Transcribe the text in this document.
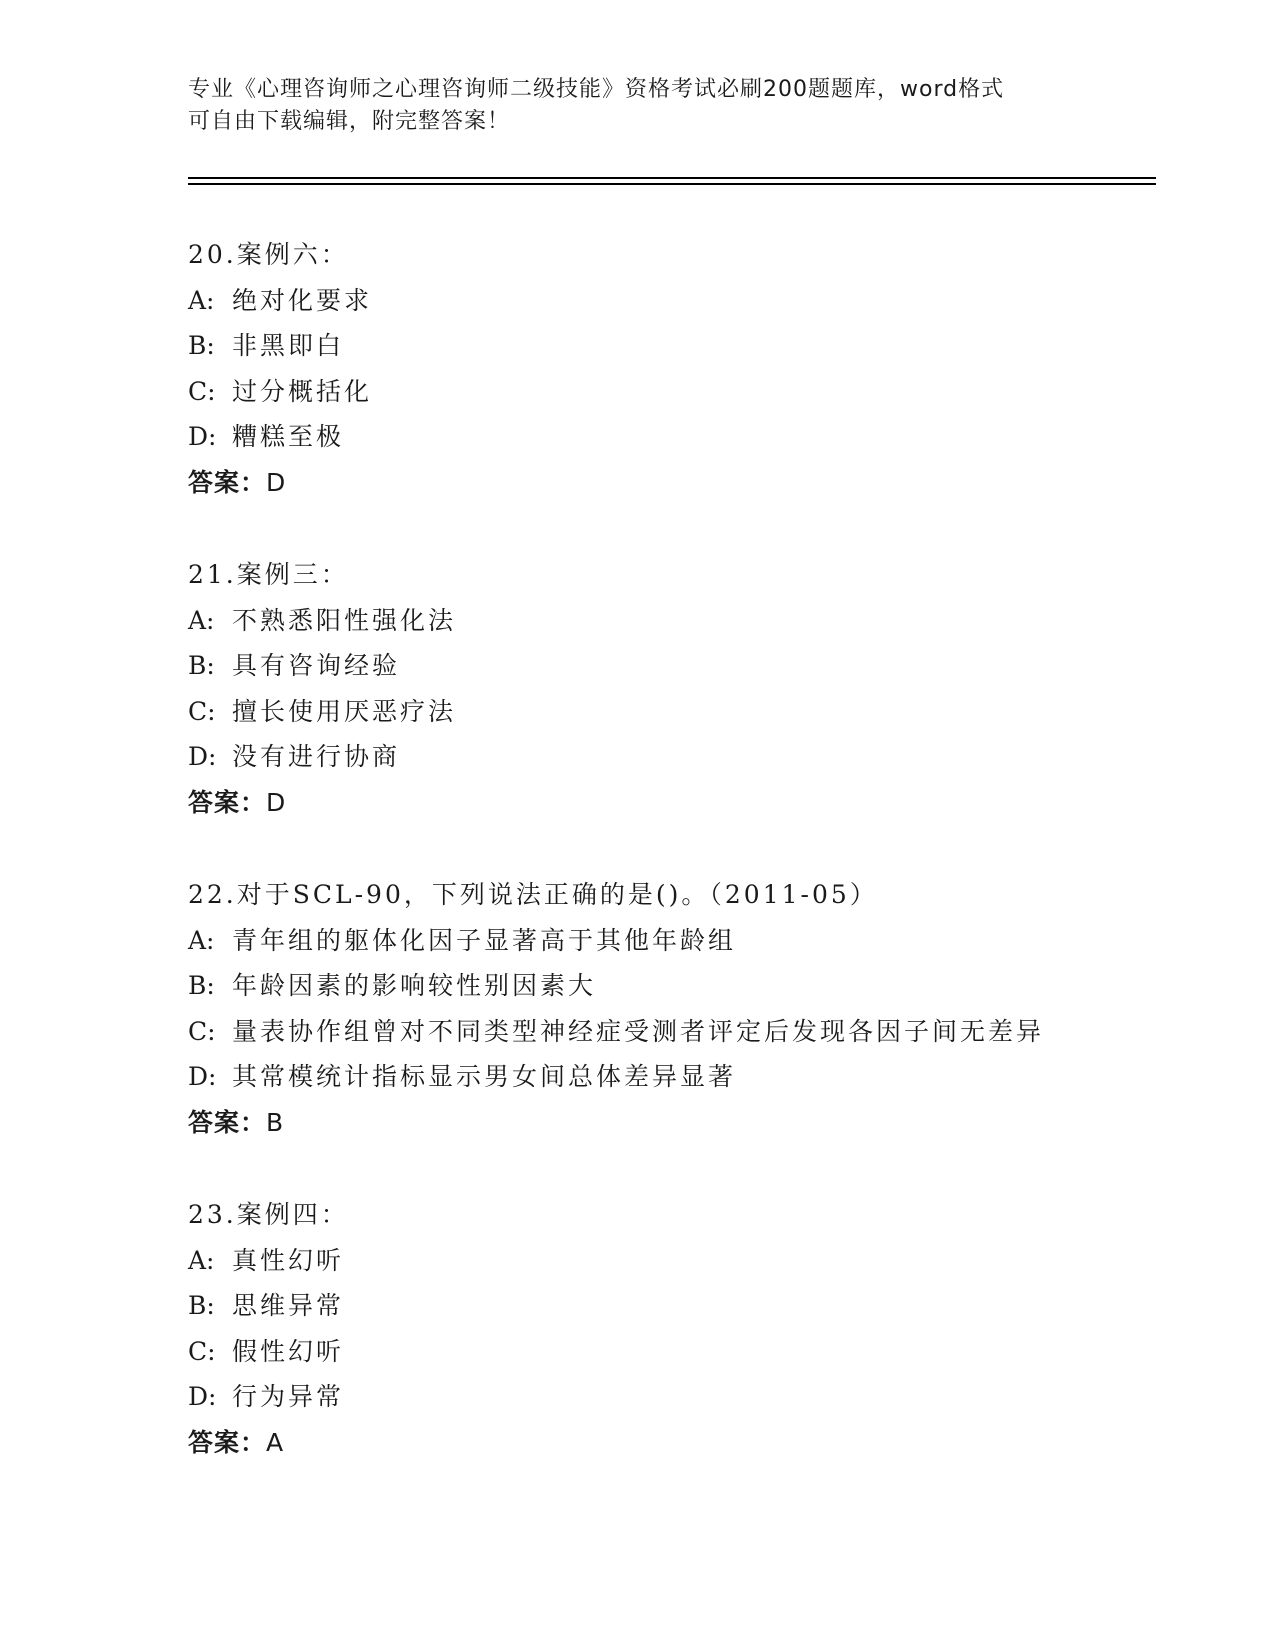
专业《心理咨询师之心理咨询师二级技能》资格考试必刷200题题库，word格式
可自由下载编辑，附完整答案！
20.案例六：
A: 绝对化要求
B: 非黑即白
C: 过分概括化
D: 糟糕至极
答案：D
21.案例三：
A: 不熟悉阳性强化法
B: 具有咨询经验
C: 擅长使用厌恶疗法
D: 没有进行协商
答案：D
22.对于SCL-90，下列说法正确的是()。（2011-05）
A: 青年组的躯体化因子显著高于其他年龄组
B: 年龄因素的影响较性别因素大
C: 量表协作组曾对不同类型神经症受测者评定后发现各因子间无差异
D: 其常模统计指标显示男女间总体差异显著
答案：B
23.案例四：
A: 真性幻听
B: 思维异常
C: 假性幻听
D: 行为异常
答案：A
